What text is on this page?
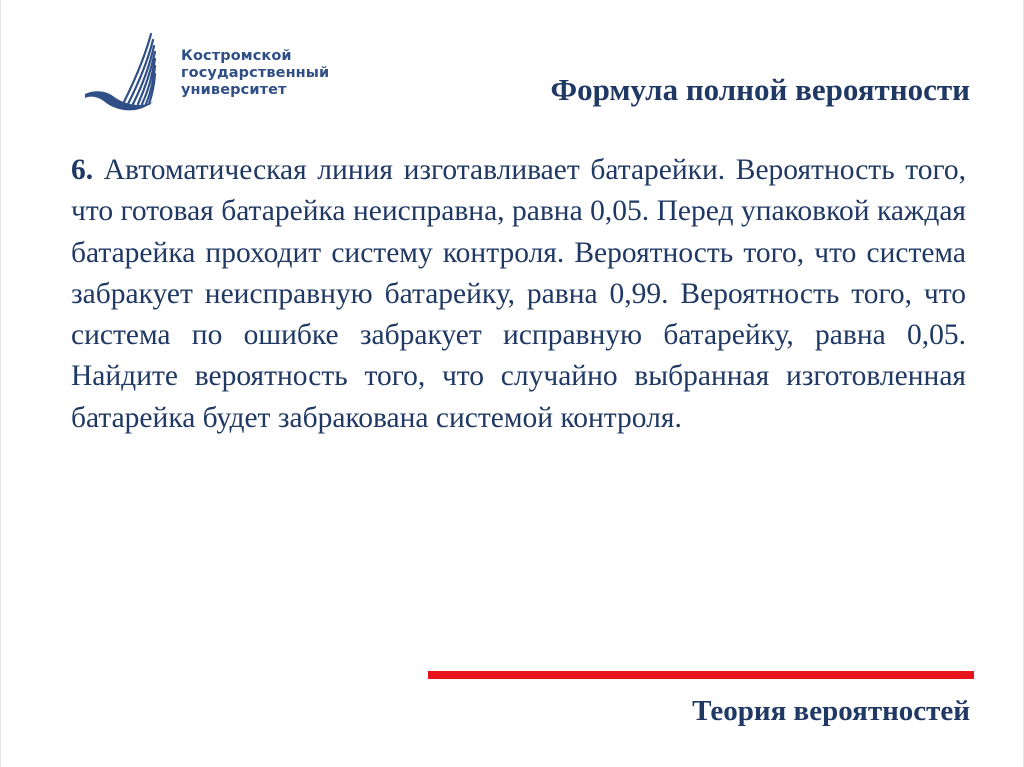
Костромской
государственный
университет	Формула полной вероятности
6. Автоматическая линия изготавливает батарейки. Вероятность того, что готовая батарейка неисправна, равна 0,05. Перед упаковкой каждая батарейка проходит систему контроля. Вероятность того, что система забракует неисправную батарейку, равна 0,99. Вероятность того, что система по ошибке забракует исправную батарейку, равна 0,05. Найдите вероятность того, что случайно выбранная изготовленная батарейка будет забракована системой контроля.
Теория вероятностей
